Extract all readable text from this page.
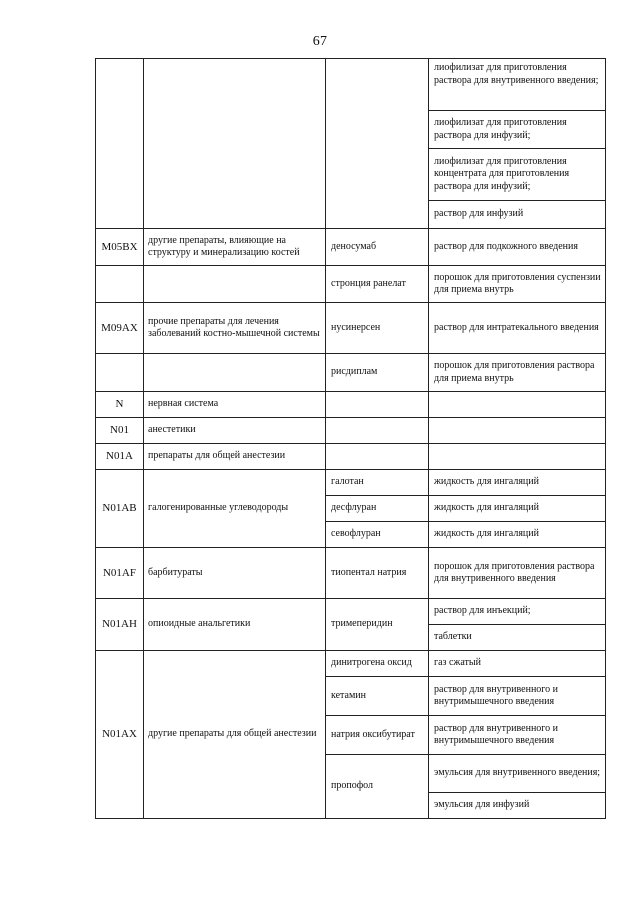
67
			лиофилизат для приготовления раствора для внутривенного введения;
			лиофилизат для приготовления раствора для инфузий;
			лиофилизат для приготовления концентрата для приготовления раствора для инфузий;
			раствор для инфузий
M05BX	другие препараты, влияющие на структуру и минерализацию костей	деносумаб	раствор для подкожного введения
		стронция ранелат	порошок для приготовления суспензии для приема внутрь
M09AX	прочие препараты для лечения заболеваний костно-мышечной системы	нусинерсен	раствор для интратекального введения
		рисдиплам	порошок для приготовления раствора для приема внутрь
N	нервная система		
N01	анестетики		
N01A	препараты для общей анестезии		
N01AB	галогенированные углеводороды	галотан	жидкость для ингаляций
		десфлуран	жидкость для ингаляций
		севофлуран	жидкость для ингаляций
N01AF	барбитураты	тиопентал натрия	порошок для приготовления раствора для внутривенного введения
N01AH	опиоидные анальгетики	тримеперидин	раствор для инъекций;
			таблетки
N01AX	другие препараты для общей анестезии	динитрогена оксид	газ сжатый
		кетамин	раствор для внутривенного и внутримышечного введения
		натрия оксибутират	раствор для внутривенного и внутримышечного введения
		пропофол	эмульсия для внутривенного введения;
			эмульсия для инфузий
